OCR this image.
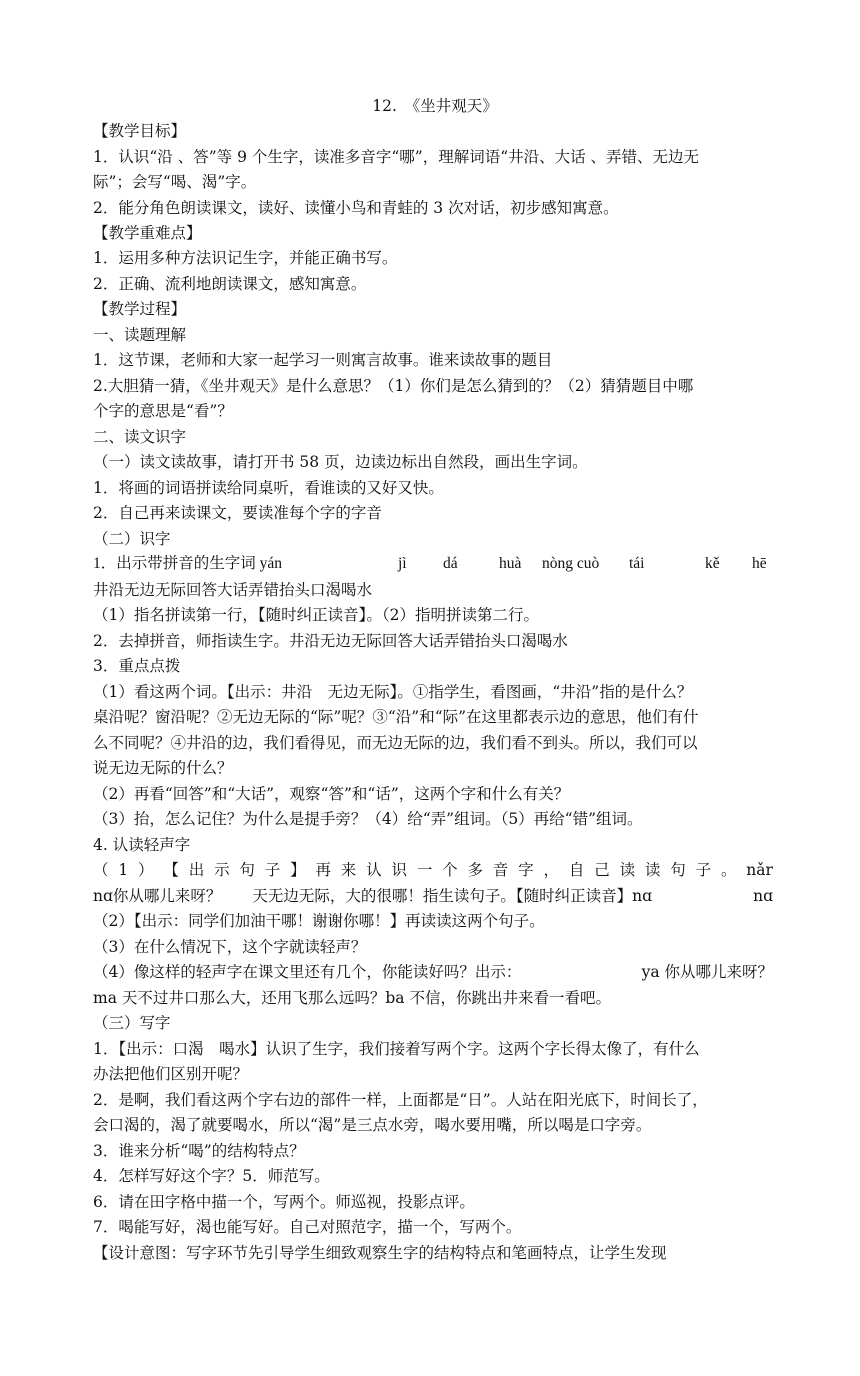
12.　《坐井观天》
【教学目标】
1．认识“沿 、答”等 9 个生字，读准多音字“哪”，理解词语“井沿、大话 、弄错、无边无
际”；会写“喝、渴”字。
2．能分角色朗读课文，读好、读懂小鸟和青蛙的 3 次对话，初步感知寓意。
【教学重难点】
1．运用多种方法识记生字，并能正确书写。
2．正确、流利地朗读课文，感知寓意。
【教学过程】
一、读题理解
1．这节课，老师和大家一起学习一则寓言故事。谁来读故事的题目
2.大胆猜一猜，《坐井观天》是什么意思？（1）你们是怎么猜到的？（2）猜猜题目中哪
个字的意思是“看”？
二、读文识字
（一）读文读故事，请打开书 58 页，边读边标出自然段，画出生字词。
1．将画的词语拼读给同桌听，看谁读的又好又快。
2．自己再来读课文，要读准每个字的字音
（二）识字
1．出示带拼音的生字词 yán	jì dá	huà nòng cuò tái	kě hē
井沿无边无际回答大话弄错抬头口渴喝水
（1）指名拼读第一行，【随时纠正读音】。（2）指明拼读第二行。
2．去掉拼音，师指读生字。井沿无边无际回答大话弄错抬头口渴喝水
3．重点点拨
（1）看这两个词。【出示：井沿　无边无际】。①指学生，看图画，“井沿”指的是什么？
桌沿呢？窗沿呢？②无边无际的“际”呢？③“沿”和“际”在这里都表示边的意思，他们有什
么不同呢？④井沿的边，我们看得见，而无边无际的边，我们看不到头。所以，我们可以
说无边无际的什么？
（2）再看“回答”和“大话”，观察“答”和“话”，这两个字和什么有关？
（3）抬，怎么记住？为什么是提手旁？（4）给“弄”组词。（5）再给“错”组词。
4. 认读轻声字
（ 1 ） 【 出 示 句 子 】 再 来 认 识 一 个 多 音 字 ， 自 己 读 读 句 子 。 nǎr
nɑ你从哪儿来呀？　　天无边无际，大的很哪！指生读句子。【随时纠正读音】nɑ	nɑ
（2）【出示：同学们加油干哪！谢谢你哪！】再读读这两个句子。
（3）在什么情况下，这个字就读轻声？
（4）像这样的轻声字在课文里还有几个，你能读好吗？出示：	ya 你从哪儿来呀？
ma 天不过井口那么大，还用飞那么远吗？ba 不信，你跳出井来看一看吧。
（三）写字
1．【出示：口渴　喝水】认识了生字，我们接着写两个字。这两个字长得太像了，有什么
办法把他们区别开呢？
2．是啊，我们看这两个字右边的部件一样，上面都是“日”。人站在阳光底下，时间长了，
会口渴的，渴了就要喝水，所以“渴”是三点水旁，喝水要用嘴，所以喝是口字旁。
3．谁来分析“喝”的结构特点？
4．怎样写好这个字？5．师范写。
6．请在田字格中描一个，写两个。师巡视，投影点评。
7．喝能写好，渴也能写好。自己对照范字，描一个，写两个。
【设计意图：写字环节先引导学生细致观察生字的结构特点和笔画特点，让学生发现
